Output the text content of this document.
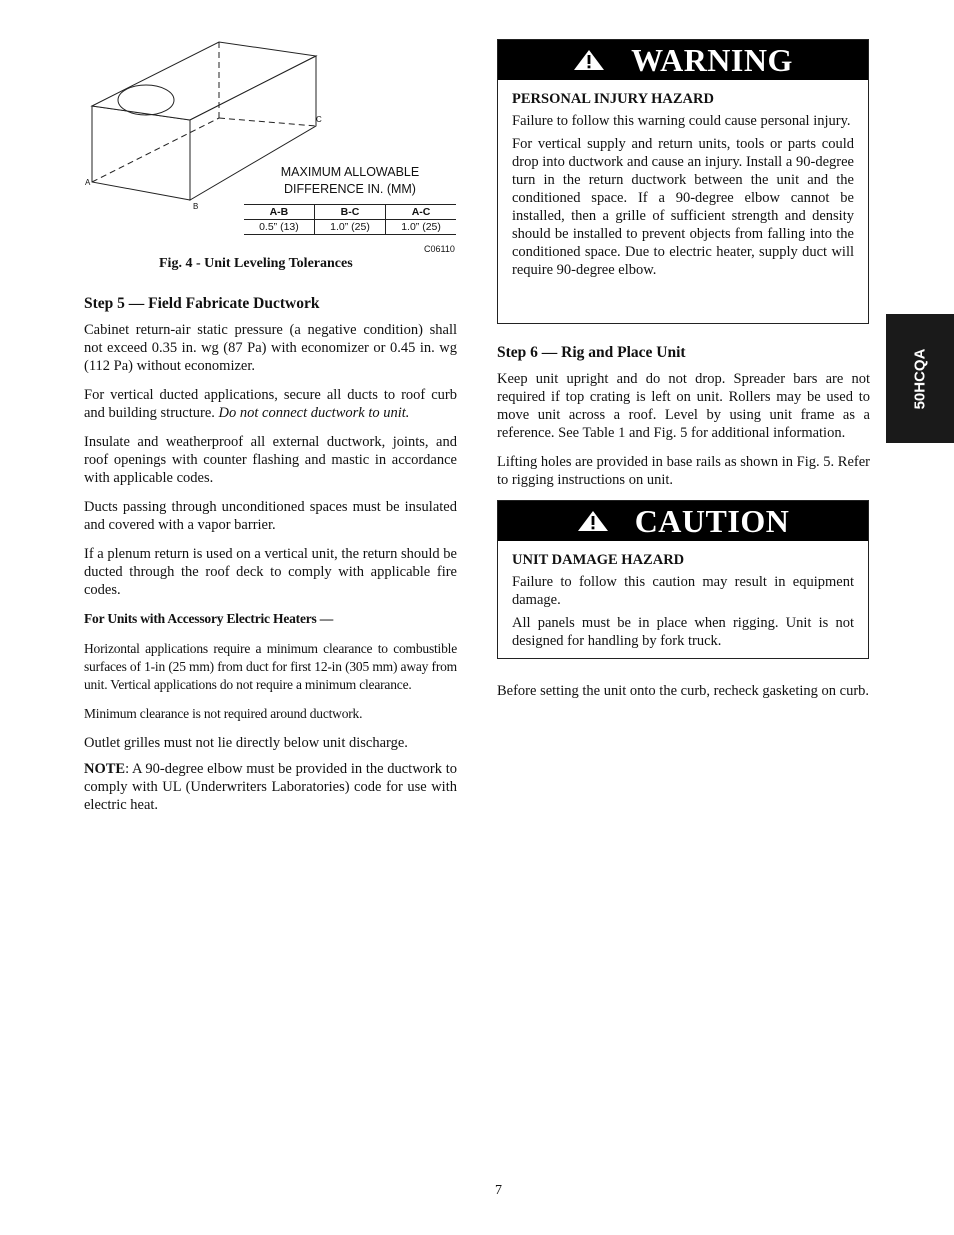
A
B
C
MAXIMUM ALLOWABLE
DIFFERENCE IN. (MM)
A-B	B-C	A-C
0.5” (13)	1.0” (25)	1.0” (25)
C06110
Fig. 4 - Unit Leveling Tolerances
Step 5 — Field Fabricate Ductwork

Cabinet return-air static pressure (a negative condition) shall not exceed 0.35 in. wg (87 Pa) with economizer or 0.45 in. wg (112 Pa) without economizer.

For vertical ducted applications, secure all ducts to roof curb and building structure. Do not connect ductwork to unit.

Insulate and weatherproof all external ductwork, joints, and roof openings with counter flashing and mastic in accordance with applicable codes.

Ducts passing through unconditioned spaces must be insulated and covered with a vapor barrier.

If a plenum return is used on a vertical unit, the return should be ducted through the roof deck to comply with applicable fire codes.

For Units with Accessory Electric Heaters —

Horizontal applications require a minimum clearance to combustible surfaces of 1-in (25 mm) from duct for first 12-in (305 mm) away from unit. Vertical applications do not require a minimum clearance.

Minimum clearance is not required around ductwork.

Outlet grilles must not lie directly below unit discharge.

NOTE: A 90-degree elbow must be provided in the ductwork to comply with UL (Underwriters Laboratories) code for use with electric heat.

WARNING

PERSONAL INJURY HAZARD

Failure to follow this warning could cause personal injury.

For vertical supply and return units, tools or parts could drop into ductwork and cause an injury. Install a 90-degree turn in the return ductwork between the unit and the conditioned space. If a 90-degree elbow cannot be installed, then a grille of sufficient strength and density should be installed to prevent objects from falling into the conditioned space. Due to electric heater, supply duct will require 90-degree elbow.

Step 6 — Rig and Place Unit

Keep unit upright and do not drop. Spreader bars are not required if top crating is left on unit. Rollers may be used to move unit across a roof. Level by using unit frame as a reference. See Table 1 and Fig. 5 for additional information.

Lifting holes are provided in base rails as shown in Fig. 5. Refer to rigging instructions on unit.

CAUTION

UNIT DAMAGE HAZARD

Failure to follow this caution may result in equipment damage.

All panels must be in place when rigging. Unit is not designed for handling by fork truck.

Before setting the unit onto the curb, recheck gasketing on curb.

50HCQA
7
